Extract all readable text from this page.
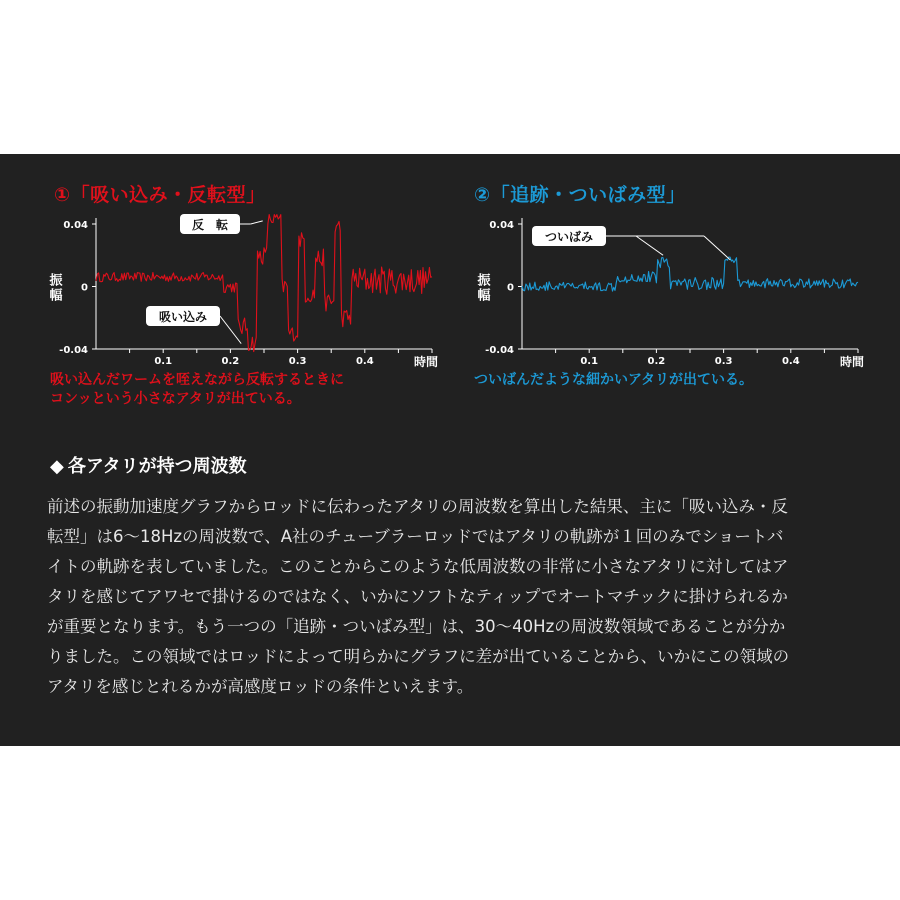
①「吸い込み・反転型」
0.04
0
-0.04
0.1	0.2	0.3	0.4	時間
振
幅
反　転
吸い込み
吸い込んだワームを咥えながら反転するときに
コンッという小さなアタリが出ている。
②「追跡・ついばみ型」
0.04
0
-0.04
0.1	0.2	0.3	0.4	時間
振
幅
ついばみ
ついばんだような細かいアタリが出ている。
◆ 各アタリが持つ周波数
前述の振動加速度グラフからロッドに伝わったアタリの周波数を算出した結果、主に「吸い込み・反
転型」は6〜18Hzの周波数で、A社のチューブラーロッドではアタリの軌跡が１回のみでショートバ
イトの軌跡を表していました。このことからこのような低周波数の非常に小さなアタリに対してはア
タリを感じてアワセで掛けるのではなく、いかにソフトなティップでオートマチックに掛けられるか
が重要となります。もう一つの「追跡・ついばみ型」は、30〜40Hzの周波数領域であることが分か
りました。この領域ではロッドによって明らかにグラフに差が出ていることから、いかにこの領域の
アタリを感じとれるかが高感度ロッドの条件といえます。
